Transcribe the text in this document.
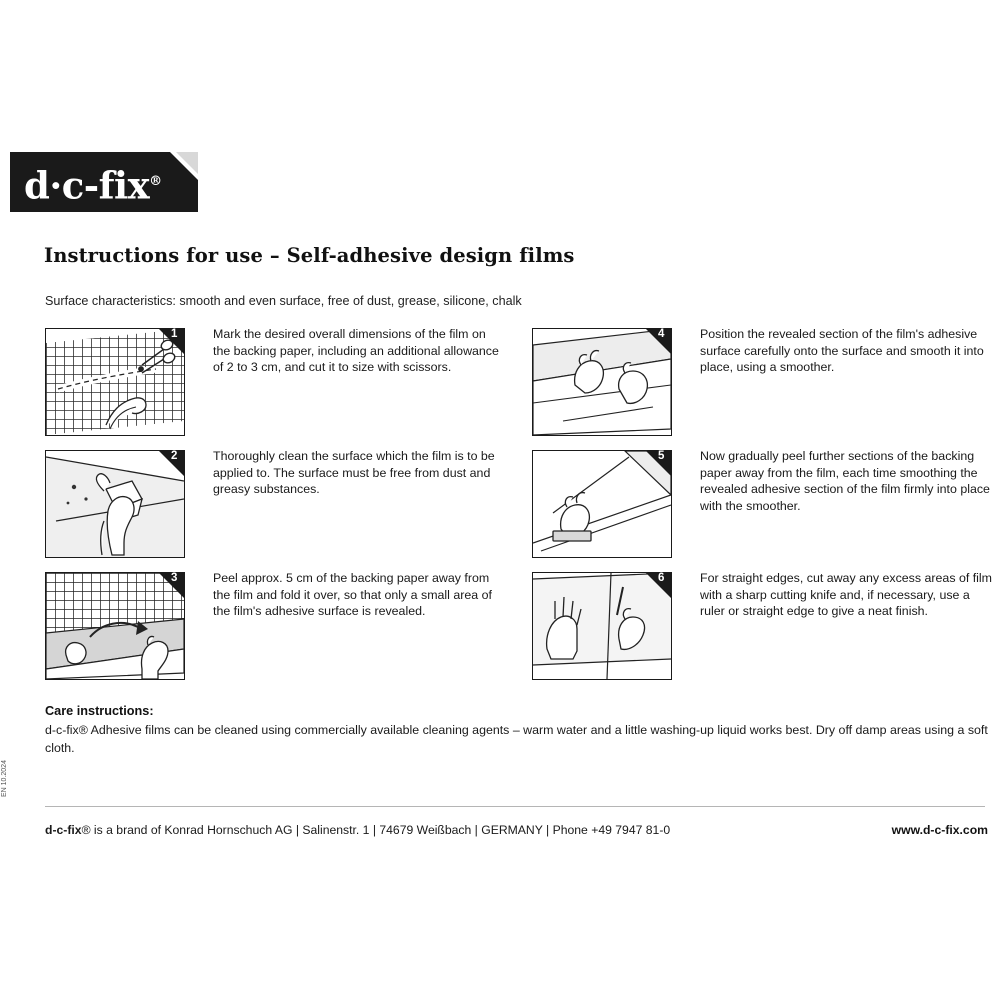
d·c-fix®
Instructions for use – Self-adhesive design films
Surface characteristics: smooth and even surface, free of dust, grease, silicone, chalk
1	Mark the desired overall dimensions of the film on the backing paper, including an additional allowance of 2 to 3 cm, and cut it to size with scissors.
2	Thoroughly clean the surface which the film is to be applied to. The surface must be free from dust and greasy substances.
3	Peel approx. 5 cm of the backing paper away from the film and fold it over, so that only a small area of the film's adhesive surface is revealed.
4	Position the revealed section of the film's adhesive surface carefully onto the surface and smooth it into place, using a smoother.
5	Now gradually peel further sections of the backing paper away from the film, each time smoothing the revealed adhesive section of the film firmly into place with the smoother.
6	For straight edges, cut away any excess areas of film with a sharp cutting knife and, if necessary, use a ruler or straight edge to give a neat finish.
Care instructions:
d-c-fix® Adhesive films can be cleaned using commercially available cleaning agents – warm water and a little washing-up liquid works best. Dry off damp areas using a soft cloth.
d-c-fix® is a brand of Konrad Hornschuch AG | Salinenstr. 1 | 74679 Weißbach | GERMANY | Phone +49 7947 81-0	www.d-c-fix.com
EN 10.2024
